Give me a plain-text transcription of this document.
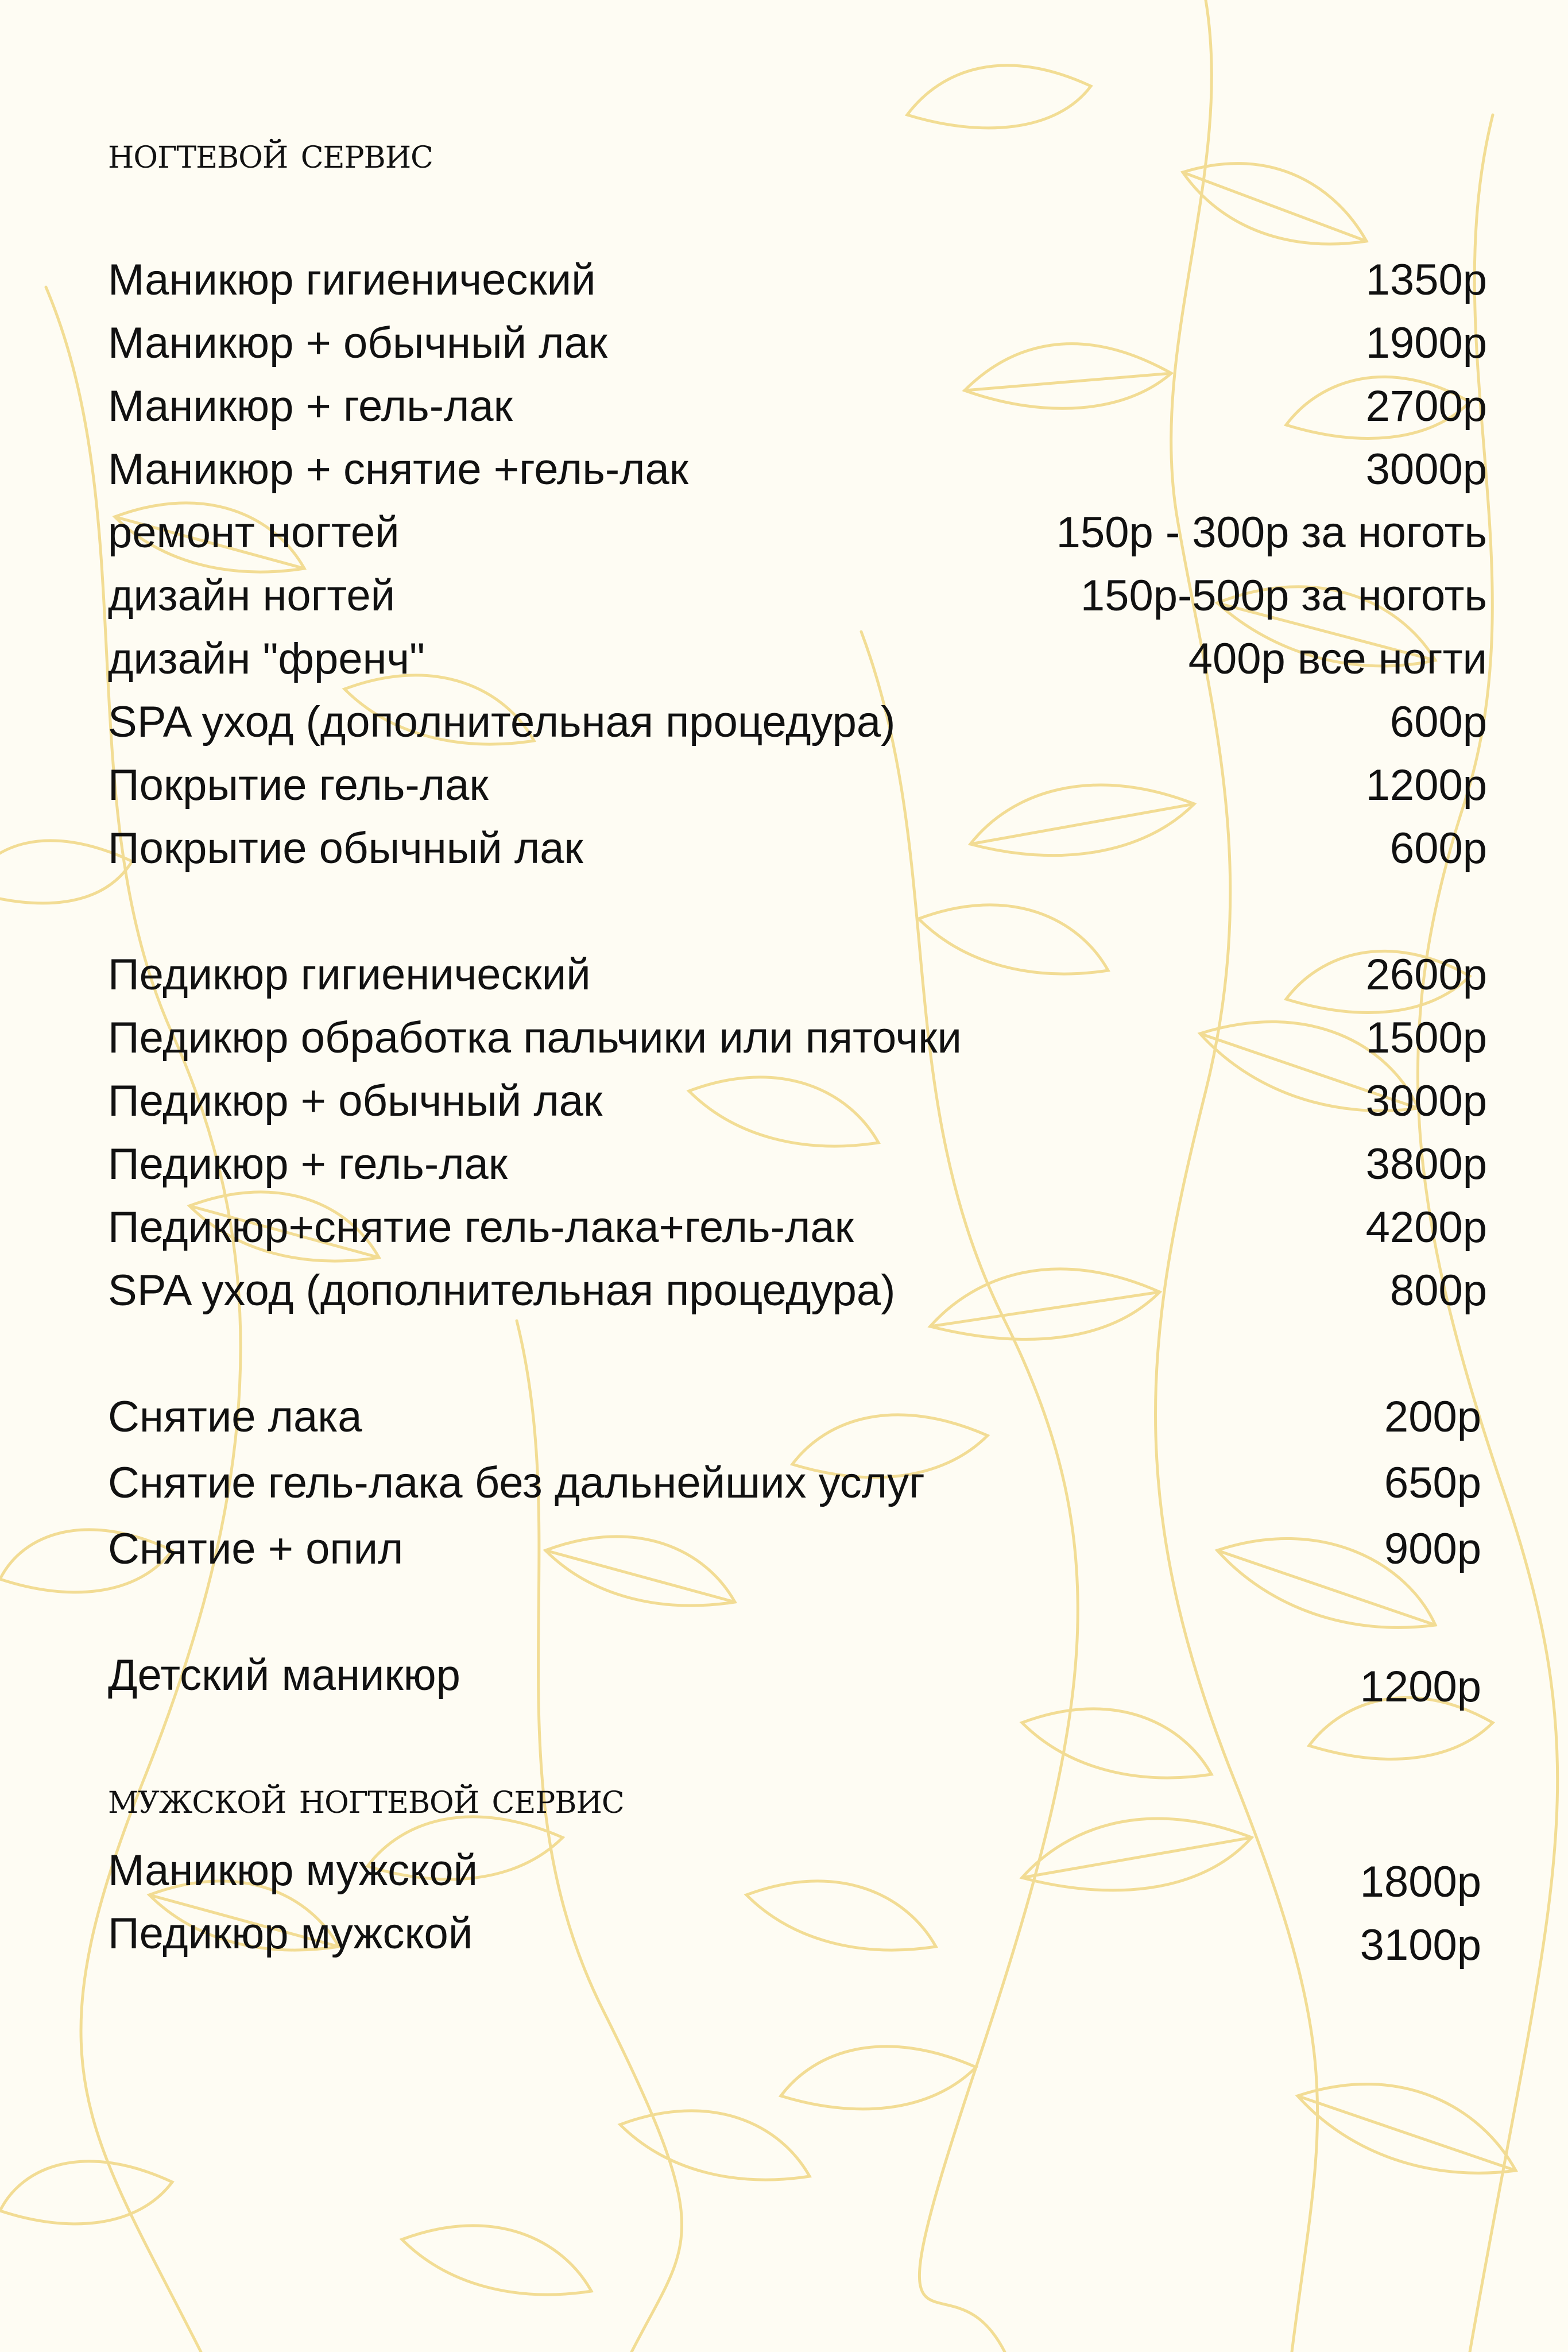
ногтевой сервис
Маникюр гигиенический	1350р
Маникюр + обычный лак	1900р
Маникюр + гель-лак	2700р
Маникюр + снятие +гель-лак	3000р
ремонт ногтей	150р - 300р за ноготь
дизайн ногтей	150р-500р за ноготь
дизайн "френч"	400р все ногти
SPA уход (дополнительная процедура)	600р
Покрытие гель-лак	1200р
Покрытие обычный лак	600р
Педикюр гигиенический	2600р
Педикюр обработка пальчики или пяточки	1500р
Педикюр + обычный лак	3000р
Педикюр + гель-лак	3800р
Педикюр+снятие гель-лака+гель-лак	4200р
SPA уход (дополнительная процедура)	800р
Снятие лака	200р
Снятие гель-лака без дальнейших услуг	650р
Снятие + опил	900р
Детский маникюр	1200р
мужской ногтевой сервис
Маникюр мужской	1800р
Педикюр мужской	3100р
